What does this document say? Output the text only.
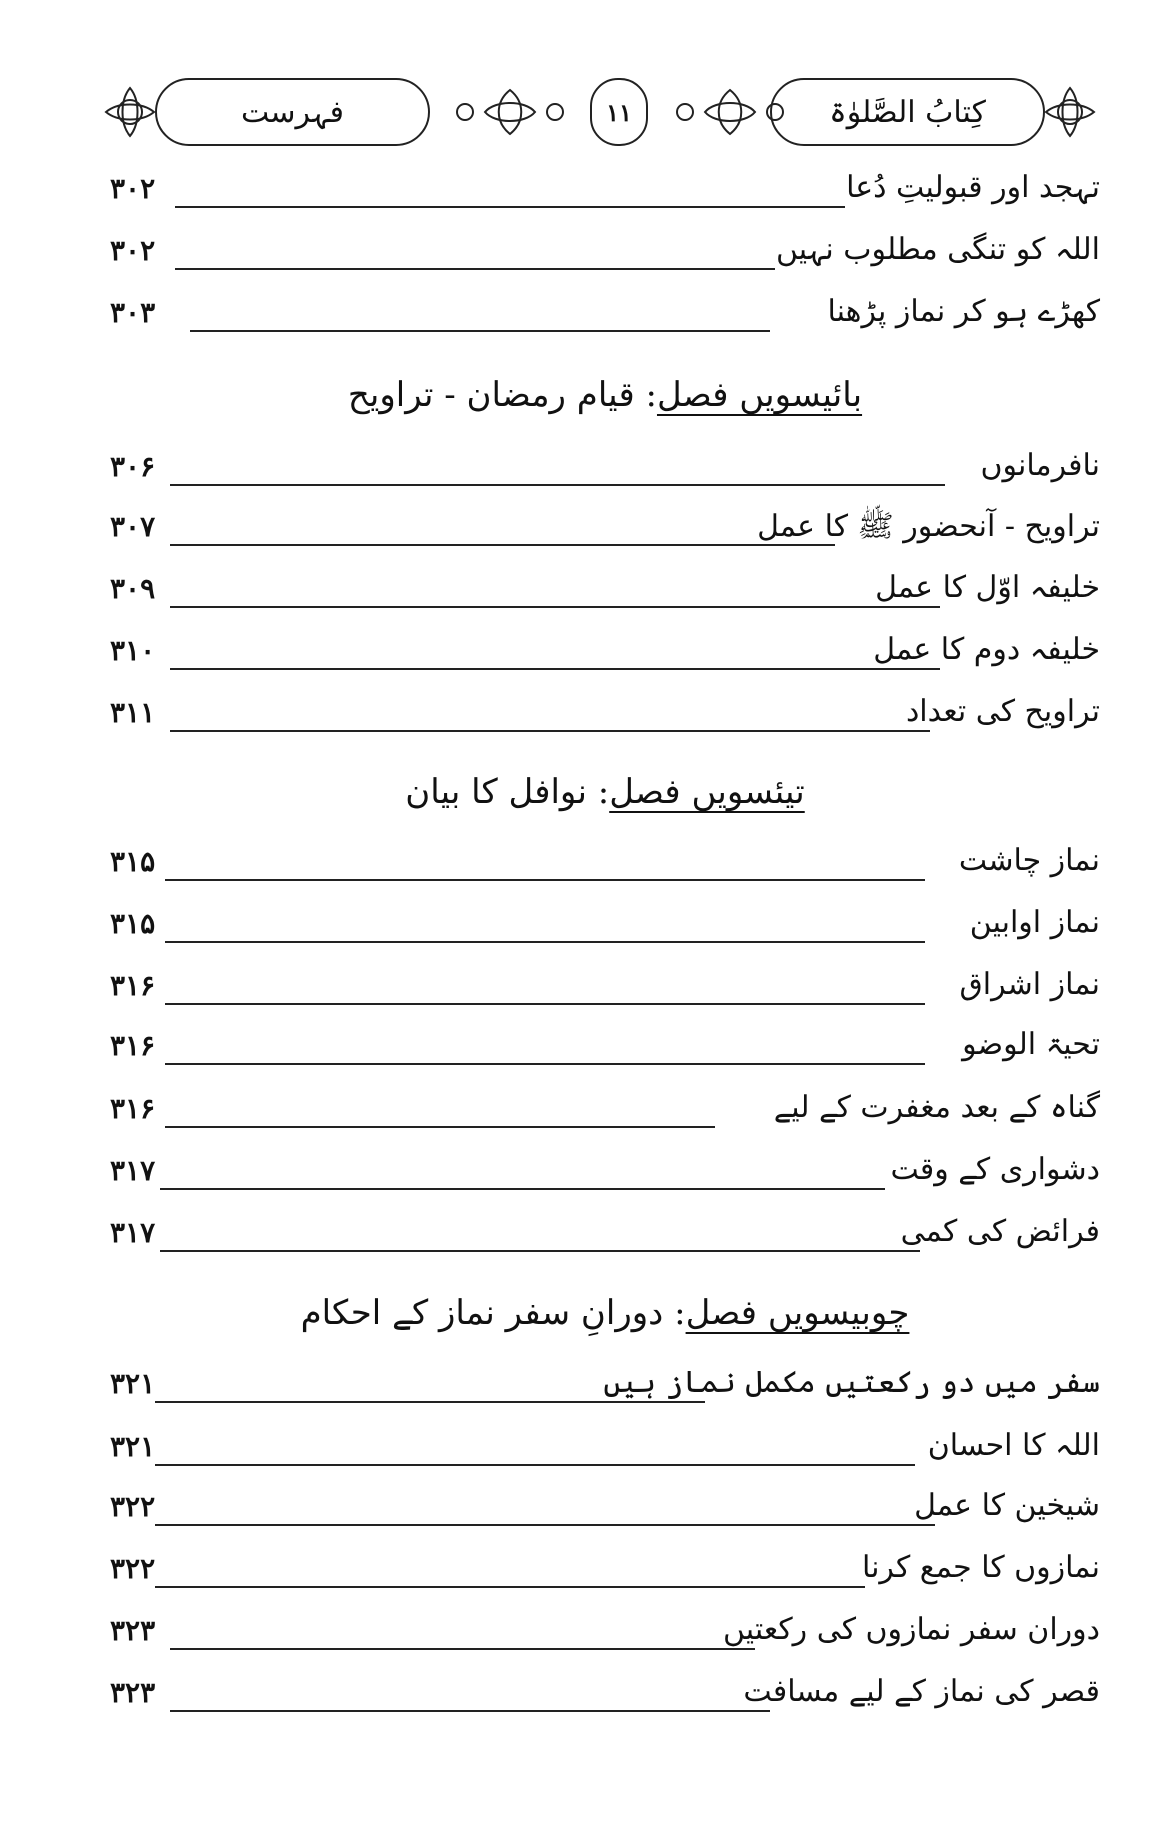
فہرست	۱۱	کِتابُ الصَّلوٰۃ
۳۰۲	تہجد اور قبولیتِ دُعا
۳۰۲	اللہ کو تنگی مطلوب نہیں
۳۰۳	کھڑے ہو کر نماز پڑھنا
بائیسویں فصل: قیام رمضان - تراویح
۳۰۶	نافرمانوں
۳۰۷	تراویح - آنحضور ﷺ کا عمل
۳۰۹	خلیفہ اوّل کا عمل
۳۱۰	خلیفہ دوم کا عمل
۳۱۱	تراویح کی تعداد
تیئسویں فصل: نوافل کا بیان
۳۱۵	نماز چاشت
۳۱۵	نماز اوابین
۳۱۶	نماز اشراق
۳۱۶	تحیۃ الوضو
۳۱۶	گناہ کے بعد مغفرت کے لیے
۳۱۷	دشواری کے وقت
۳۱۷	فرائض کی کمی
چوبیسویں فصل: دورانِ سفر نماز کے احکام
۳۲۱	سفر میں دو رکعتیں مکمل نماز ہیں
۳۲۱	اللہ کا احسان
۳۲۲	شیخین کا عمل
۳۲۲	نمازوں کا جمع کرنا
۳۲۳	دوران سفر نمازوں کی رکعتیں
۳۲۳	قصر کی نماز کے لیے مسافت
